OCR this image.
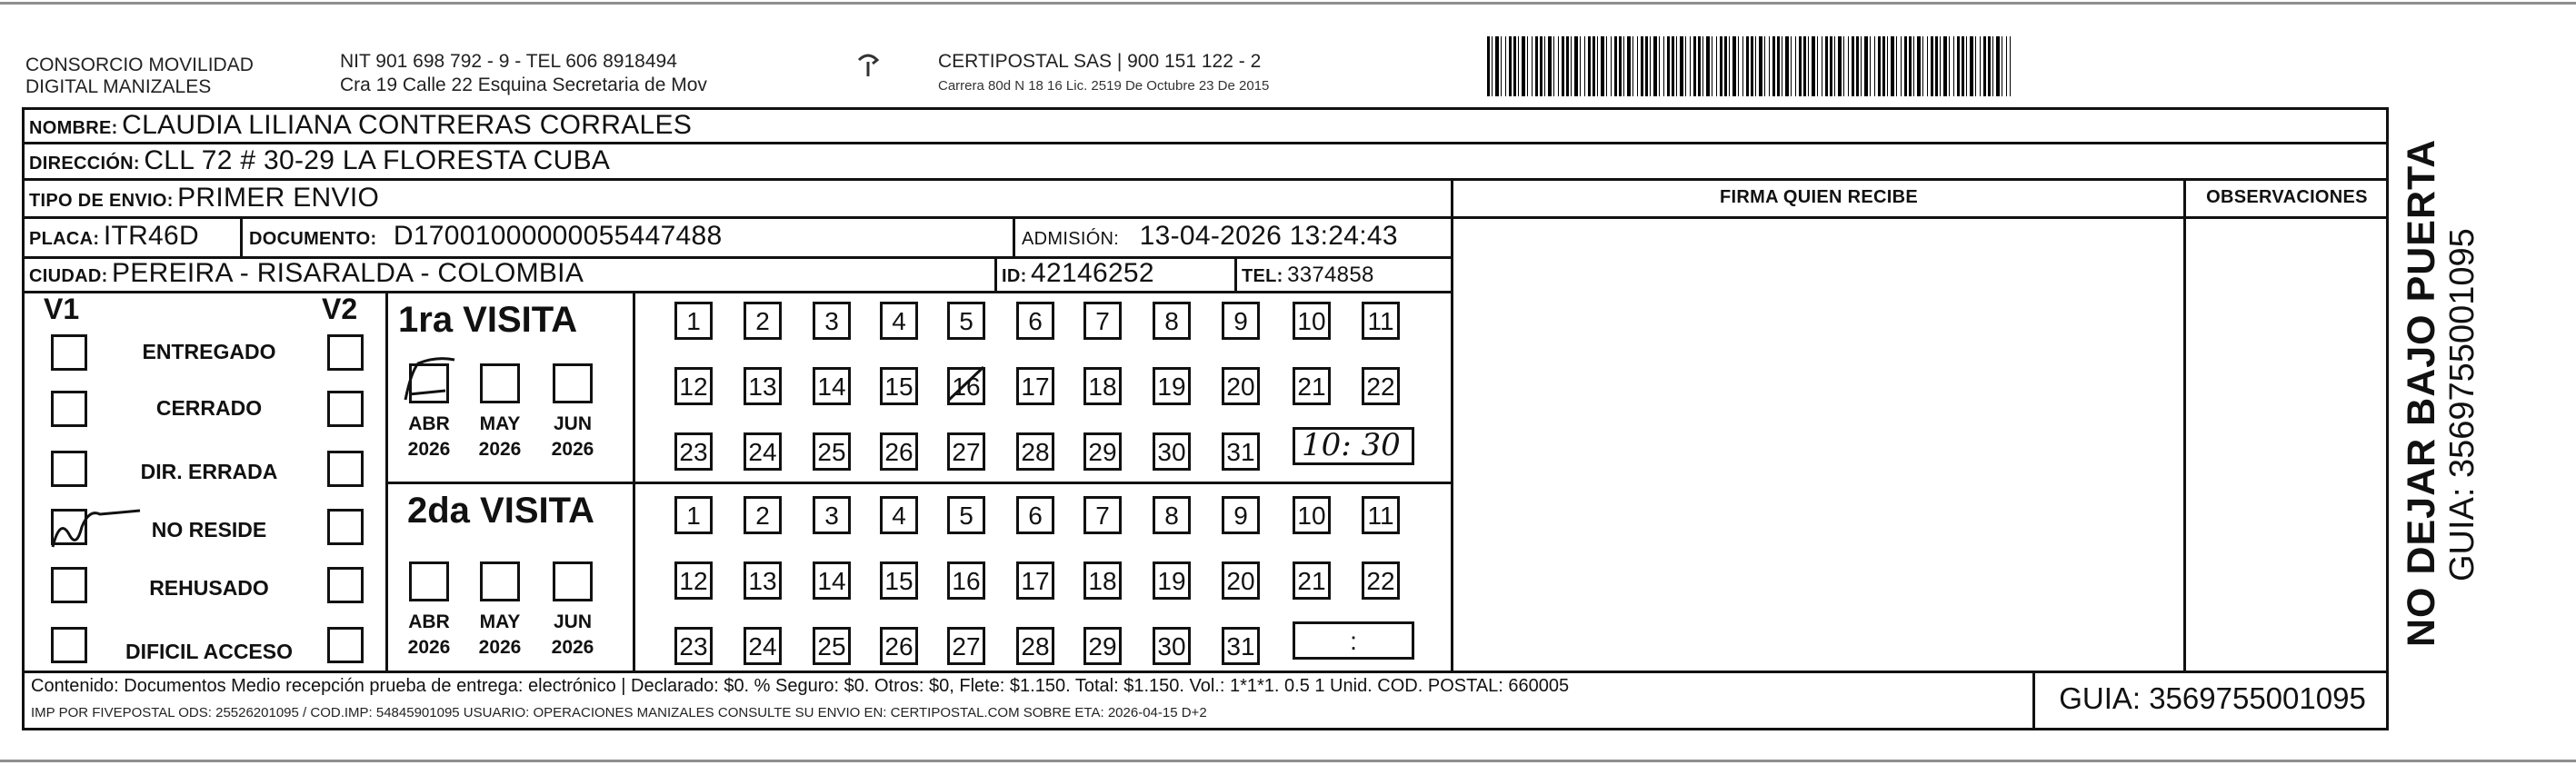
CONSORCIO MOVILIDAD
DIGITAL MANIZALES
NIT 901 698 792 - 9 - TEL 606 8918494
Cra 19 Calle 22 Esquina Secretaria de Mov
CERTIPOSTAL SAS | 900 151 122 - 2
Carrera 80d N 18 16 Lic. 2519 De Octubre 23 De 2015
NOMBRE: CLAUDIA LILIANA CONTRERAS CORRALES
DIRECCIÓN: CLL 72 # 30-29 LA FLORESTA CUBA
TIPO DE ENVIO: PRIMER ENVIO	FIRMA QUIEN RECIBE	OBSERVACIONES
PLACA: ITR46D	DOCUMENTO: D17001000000055447488	ADMISIÓN: 13-04-2026 13:24:43
CIUDAD: PEREIRA - RISARALDA - COLOMBIA	ID: 42146252	TEL: 3374858
V1	V2
ENTREGADO
CERRADO
DIR. ERRADA
NO RESIDE
REHUSADO
DIFICIL ACCESO
1ra VISITA
ABR	MAY	JUN
2026	2026	2026
1	2	3	4	5	6	7	8	9	10 11
12 13 14 15 16 17 18 19 20 21 22
23 24 25 26 27 28 29 30 31 10: 30
2da VISITA
ABR	MAY	JUN
2026	2026	2026
1	2	3	4	5	6	7	8	9	10 11
12 13 14 15 16 17 18 19 20 21 22
23 24 25 26 27 28 29 30 31	:
Contenido: Documentos Medio recepción prueba de entrega: electrónico | Declarado: $0. % Seguro: $0. Otros: $0, Flete: $1.150. Total: $1.150. Vol.: 1*1*1. 0.5 1 Unid. COD. POSTAL: 660005
IMP POR FIVEPOSTAL ODS: 25526201095 / COD.IMP: 54845901095 USUARIO: OPERACIONES MANIZALES CONSULTE SU ENVIO EN: CERTIPOSTAL.COM SOBRE ETA: 2026-04-15 D+2	GUIA: 3569755001095
NO DEJAR BAJO PUERTA GUIA: 3569755001095
